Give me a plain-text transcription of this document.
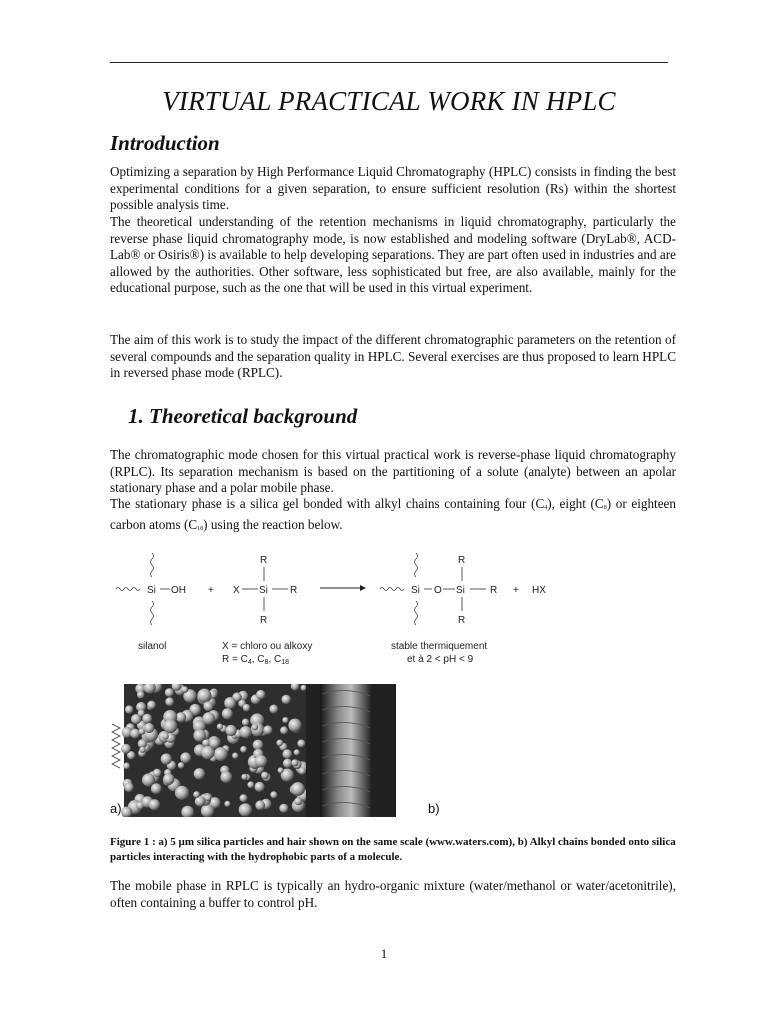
VIRTUAL PRACTICAL WORK IN HPLC
Introduction

Optimizing a separation by High Performance Liquid Chromatography (HPLC) consists in finding the best experimental conditions for a given separation, to ensure sufficient resolution (Rs) within the shortest possible analysis time.

The theoretical understanding of the retention mechanisms in liquid chromatography, particularly the reverse phase liquid chromatography mode, is now established and modeling software (DryLab®, ACD-Lab® or Osiris®) is available to help developing separations. They are part often used in industries and are allowed by the authorities. Other software, less sophisticated but free, are also available, mainly for the educational purpose, such as the one that will be used in this virtual experiment.

The aim of this work is to study the impact of the different chromatographic parameters on the retention of several compounds and the separation quality in HPLC. Several exercises are thus proposed to learn HPLC in reversed phase mode (RPLC).

1. Theoretical background

The chromatographic mode chosen for this virtual practical work is reverse-phase liquid chromatography (RPLC). Its separation mechanism is based on the partitioning of a solute (analyte) between an apolar stationary phase and a polar mobile phase.

The stationary phase is a silica gel bonded with alkyl chains containing four (C4), eight (C8) or eighteen carbon atoms (C18) using the reaction below.

Si OH + X Si R
R
R
Si O Si	R
R
R
+ HX
silanol	X = chloro ou alkoxy
$R = C_4$, $C_8$, $C_{18}$
stable thermiquement
et à 2 < pH < 9

a)	b)

Figure 1 : a) 5 µm silica particles and hair shown on the same scale (www.waters.com), b) Alkyl chains bonded onto silica particles interacting with the hydrophobic parts of a molecule.

The mobile phase in RPLC is typically an hydro-organic mixture (water/methanol or water/acetonitrile), often containing a buffer to control pH.

1
